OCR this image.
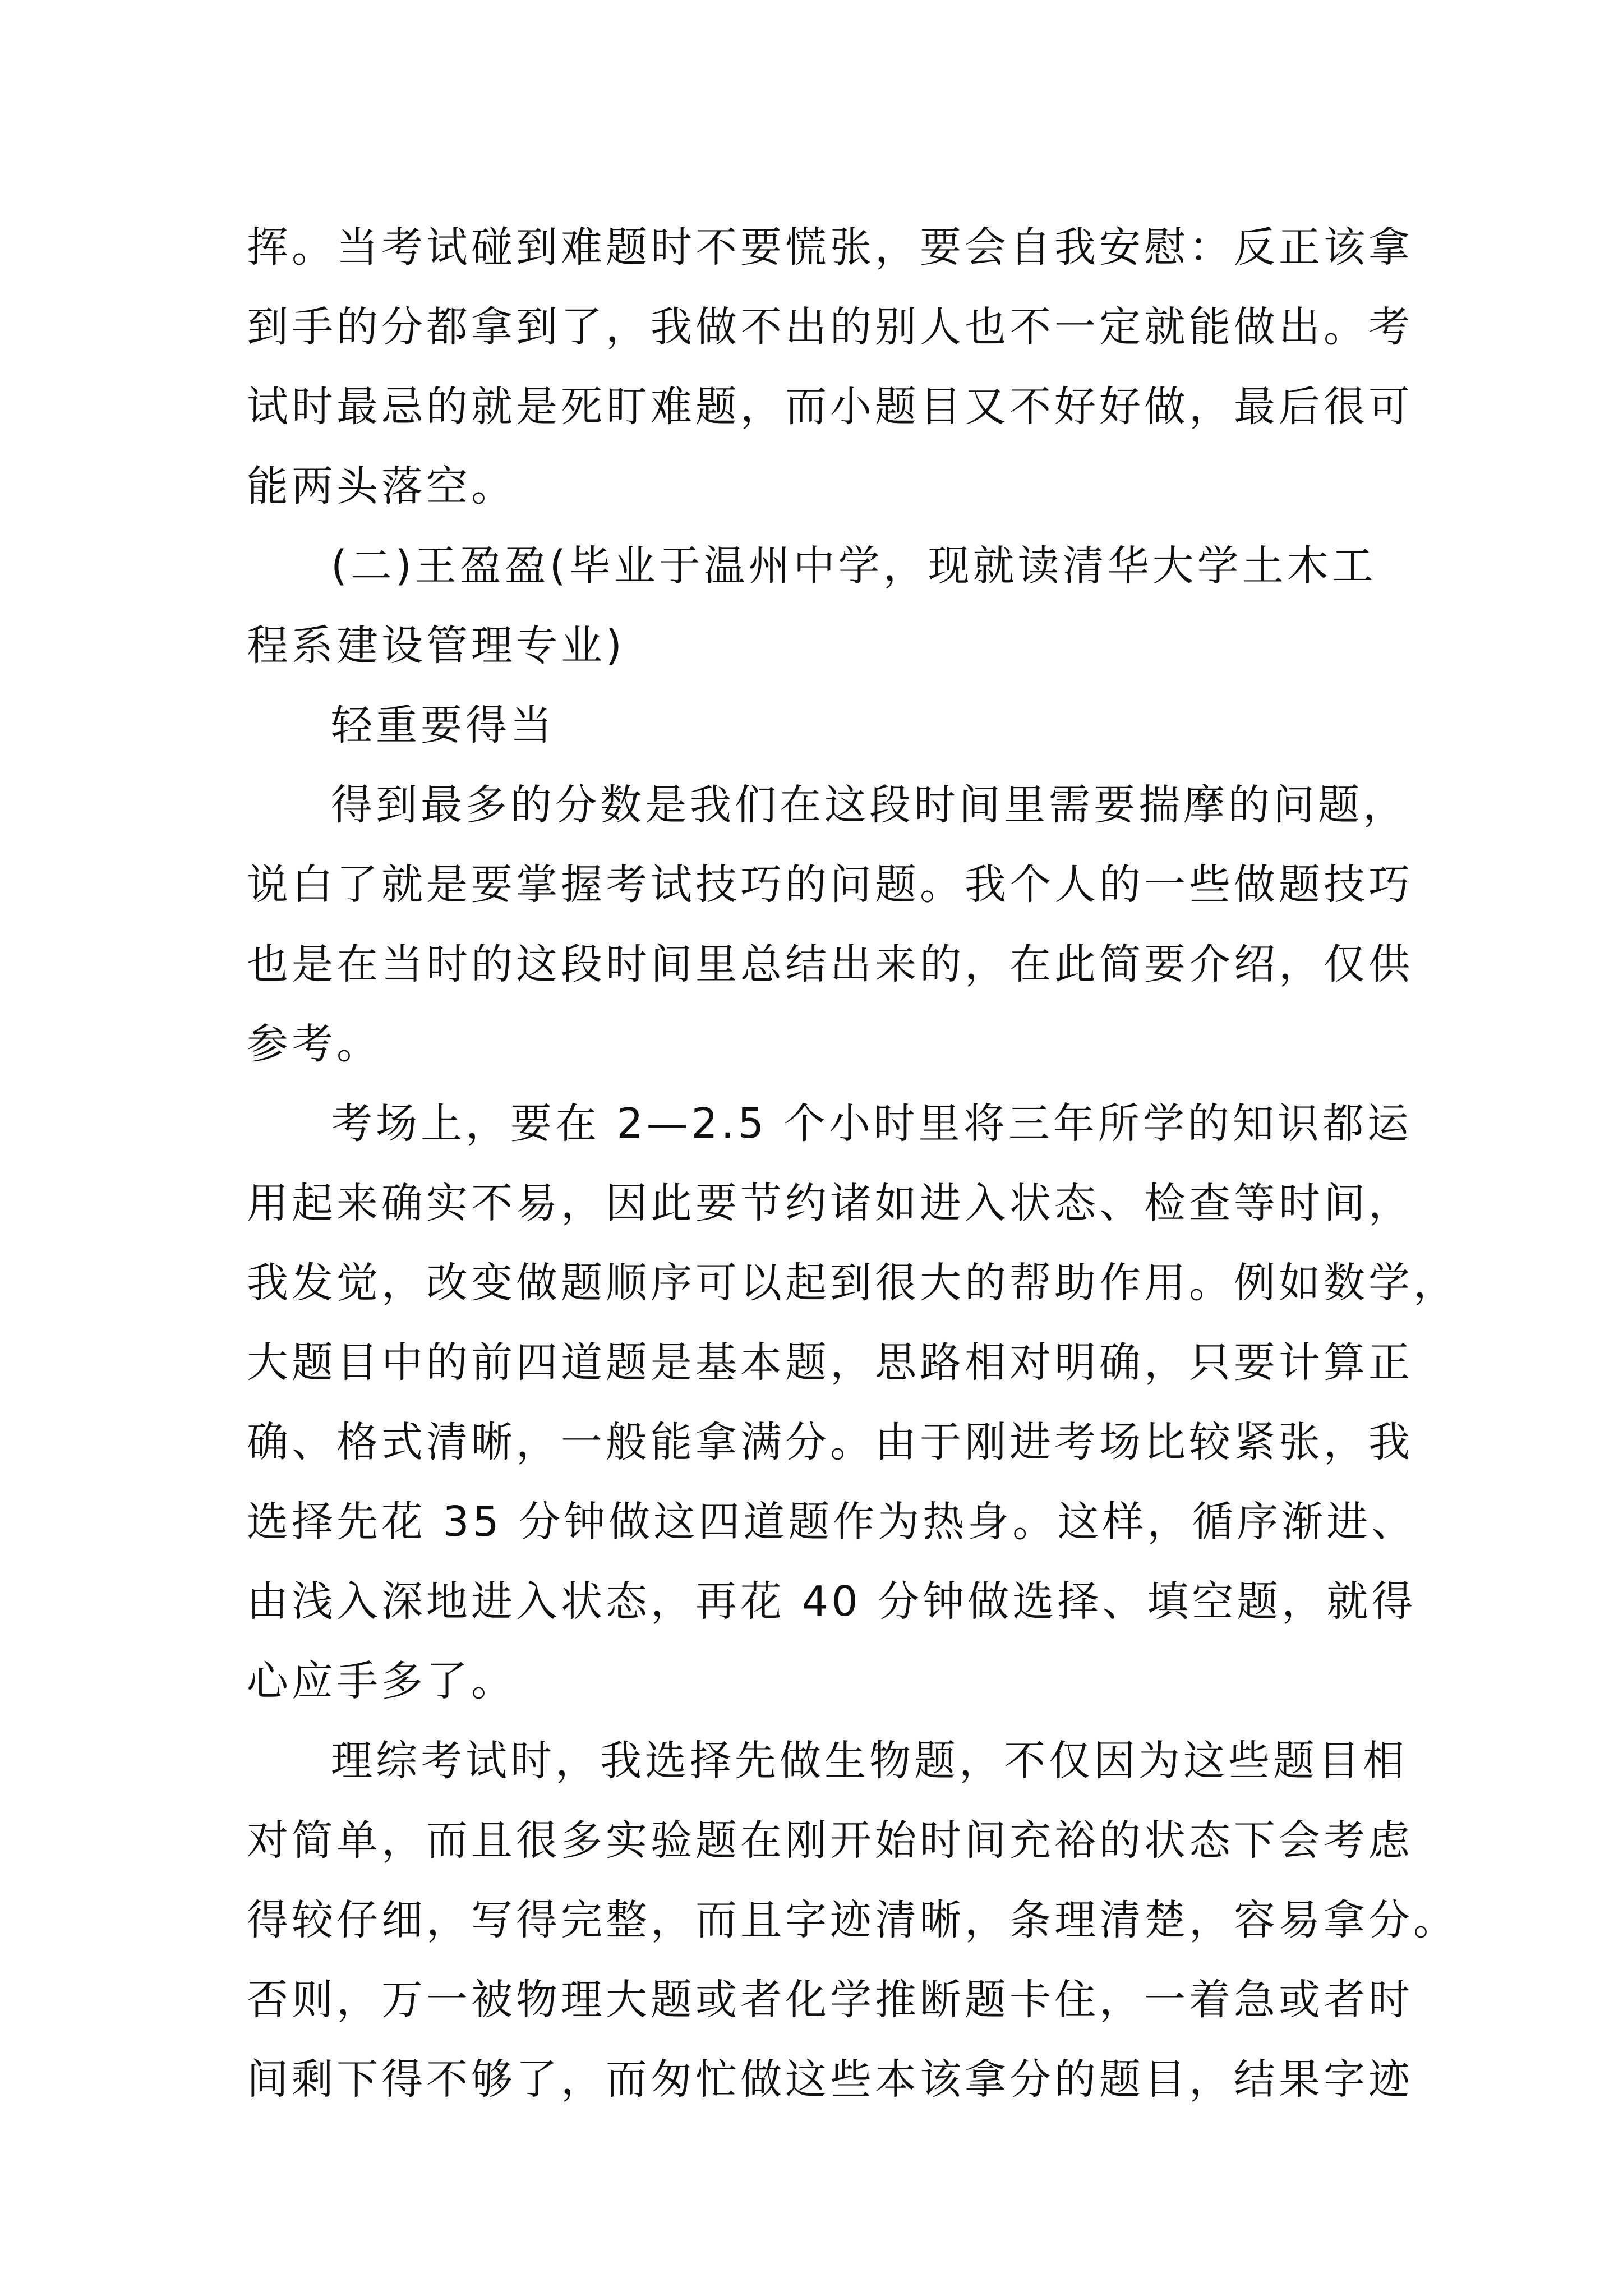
挥。当考试碰到难题时不要慌张，要会自我安慰：反正该拿
到手的分都拿到了，我做不出的别人也不一定就能做出。考
试时最忌的就是死盯难题，而小题目又不好好做，最后很可
能两头落空。
(二)王盈盈(毕业于温州中学，现就读清华大学土木工
程系建设管理专业)
轻重要得当
得到最多的分数是我们在这段时间里需要揣摩的问题，
说白了就是要掌握考试技巧的问题。我个人的一些做题技巧
也是在当时的这段时间里总结出来的，在此简要介绍，仅供
参考。
考场上，要在 2—2.5 个小时里将三年所学的知识都运
用起来确实不易，因此要节约诸如进入状态、检查等时间，
我发觉，改变做题顺序可以起到很大的帮助作用。例如数学，
大题目中的前四道题是基本题，思路相对明确，只要计算正
确、格式清晰，一般能拿满分。由于刚进考场比较紧张，我
选择先花 35 分钟做这四道题作为热身。这样，循序渐进、
由浅入深地进入状态，再花 40 分钟做选择、填空题，就得
心应手多了。
理综考试时，我选择先做生物题，不仅因为这些题目相
对简单，而且很多实验题在刚开始时间充裕的状态下会考虑
得较仔细，写得完整，而且字迹清晰，条理清楚，容易拿分。
否则，万一被物理大题或者化学推断题卡住，一着急或者时
间剩下得不够了，而匆忙做这些本该拿分的题目，结果字迹
